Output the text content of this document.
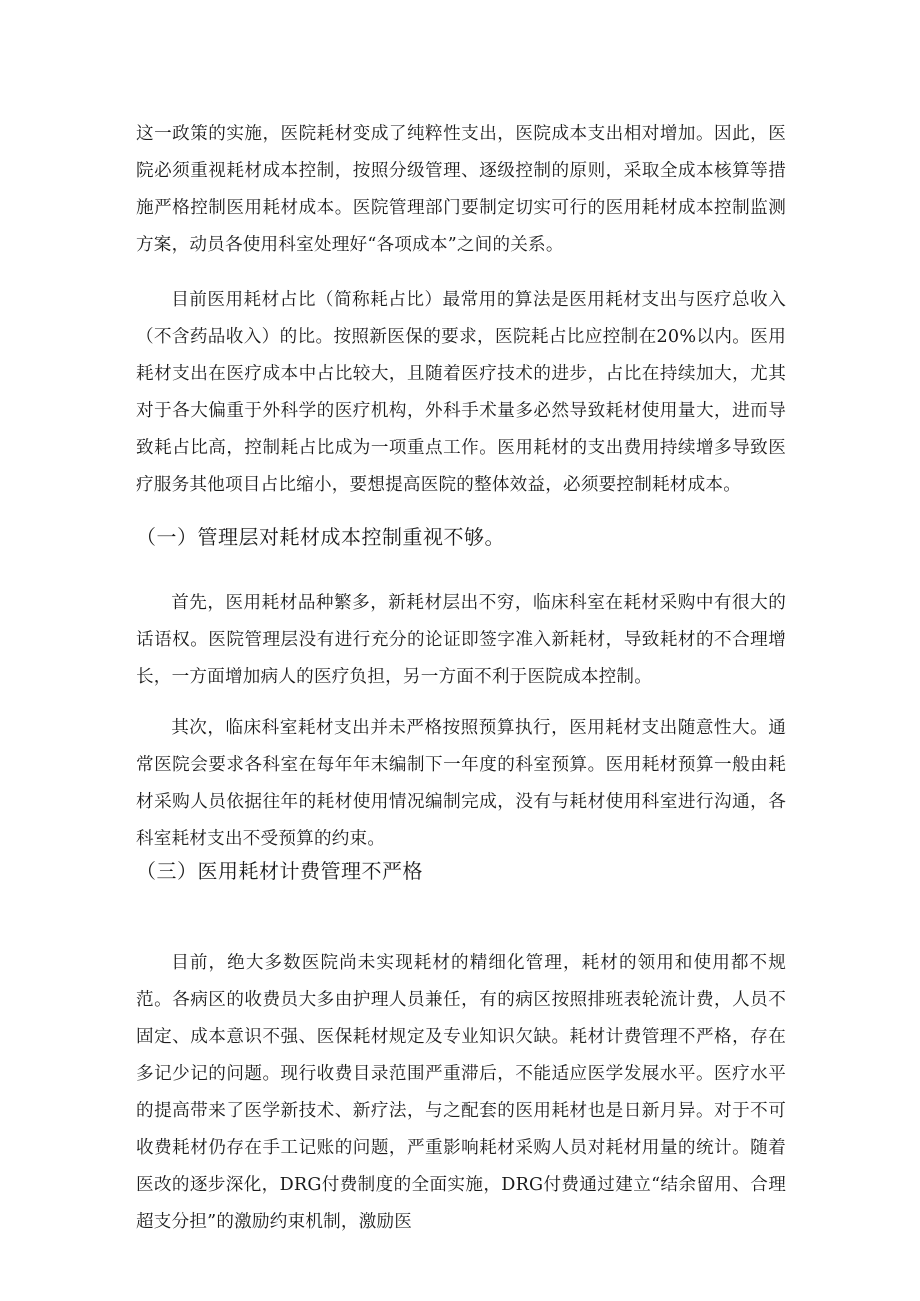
这一政策的实施，医院耗材变成了纯粹性支出，医院成本支出相对增加。因此，医院必须重视耗材成本控制，按照分级管理、逐级控制的原则，采取全成本核算等措施严格控制医用耗材成本。医院管理部门要制定切实可行的医用耗材成本控制监测方案，动员各使用科室处理好“各项成本”之间的关系。

目前医用耗材占比（简称耗占比）最常用的算法是医用耗材支出与医疗总收入（不含药品收入）的比。按照新医保的要求，医院耗占比应控制在20%以内。医用耗材支出在医疗成本中占比较大，且随着医疗技术的进步，占比在持续加大，尤其对于各大偏重于外科学的医疗机构，外科手术量多必然导致耗材使用量大，进而导致耗占比高，控制耗占比成为一项重点工作。医用耗材的支出费用持续增多导致医疗服务其他项目占比缩小，要想提高医院的整体效益，必须要控制耗材成本。

（一）管理层对耗材成本控制重视不够。

首先，医用耗材品种繁多，新耗材层出不穷，临床科室在耗材采购中有很大的话语权。医院管理层没有进行充分的论证即签字准入新耗材，导致耗材的不合理增长，一方面增加病人的医疗负担，另一方面不利于医院成本控制。

其次，临床科室耗材支出并未严格按照预算执行，医用耗材支出随意性大。通常医院会要求各科室在每年年末编制下一年度的科室预算。医用耗材预算一般由耗材采购人员依据往年的耗材使用情况编制完成，没有与耗材使用科室进行沟通，各科室耗材支出不受预算的约束。

（三）医用耗材计费管理不严格

目前，绝大多数医院尚未实现耗材的精细化管理，耗材的领用和使用都不规范。各病区的收费员大多由护理人员兼任，有的病区按照排班表轮流计费，人员不固定、成本意识不强、医保耗材规定及专业知识欠缺。耗材计费管理不严格，存在多记少记的问题。现行收费目录范围严重滞后，不能适应医学发展水平。医疗水平的提高带来了医学新技术、新疗法，与之配套的医用耗材也是日新月异。对于不可收费耗材仍存在手工记账的问题，严重影响耗材采购人员对耗材用量的统计。随着医改的逐步深化，DRG付费制度的全面实施，DRG付费通过建立“结余留用、合理超支分担”的激励约束机制，激励医
